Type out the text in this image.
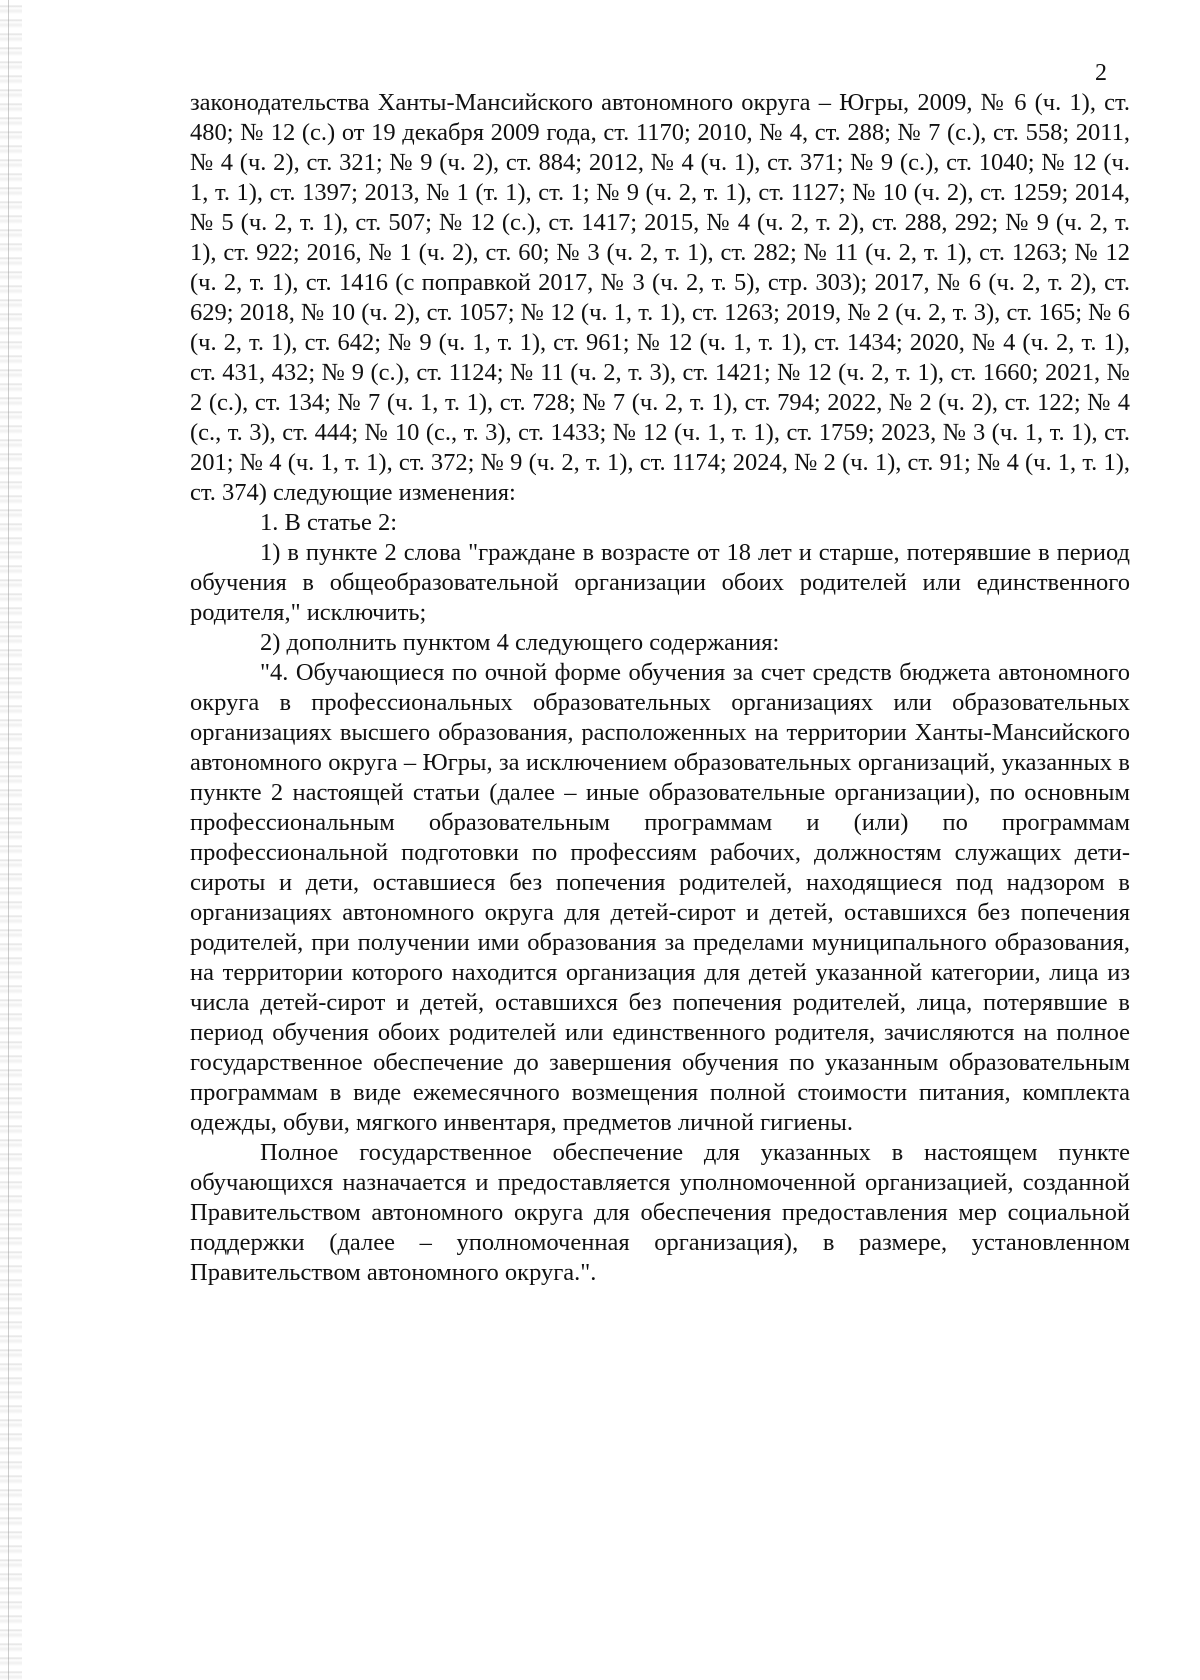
2

законодательства Ханты-Мансийского автономного округа – Югры, 2009, № 6 (ч. 1), ст. 480; № 12 (с.) от 19 декабря 2009 года, ст. 1170; 2010, № 4, ст. 288; № 7 (с.), ст. 558; 2011, № 4 (ч. 2), ст. 321; № 9 (ч. 2), ст. 884; 2012, № 4 (ч. 1), ст. 371; № 9 (с.), ст. 1040; № 12 (ч. 1, т. 1), ст. 1397; 2013, № 1 (т. 1), ст. 1; № 9 (ч. 2, т. 1), ст. 1127; № 10 (ч. 2), ст. 1259; 2014, № 5 (ч. 2, т. 1), ст. 507; № 12 (с.), ст. 1417; 2015, № 4 (ч. 2, т. 2), ст. 288, 292; № 9 (ч. 2, т. 1), ст. 922; 2016, № 1 (ч. 2), ст. 60; № 3 (ч. 2, т. 1), ст. 282; № 11 (ч. 2, т. 1), ст. 1263; № 12 (ч. 2, т. 1), ст. 1416 (с поправкой 2017, № 3 (ч. 2, т. 5), стр. 303); 2017, № 6 (ч. 2, т. 2), ст. 629; 2018, № 10 (ч. 2), ст. 1057; № 12 (ч. 1, т. 1), ст. 1263; 2019, № 2 (ч. 2, т. 3), ст. 165; № 6 (ч. 2, т. 1), ст. 642; № 9 (ч. 1, т. 1), ст. 961; № 12 (ч. 1, т. 1), ст. 1434; 2020, № 4 (ч. 2, т. 1), ст. 431, 432; № 9 (с.), ст. 1124; № 11 (ч. 2, т. 3), ст. 1421; № 12 (ч. 2, т. 1), ст. 1660; 2021, № 2 (с.), ст. 134; № 7 (ч. 1, т. 1), ст. 728; № 7 (ч. 2, т. 1), ст. 794; 2022, № 2 (ч. 2), ст. 122; № 4 (с., т. 3), ст. 444; № 10 (с., т. 3), ст. 1433; № 12 (ч. 1, т. 1), ст. 1759; 2023, № 3 (ч. 1, т. 1), ст. 201; № 4 (ч. 1, т. 1), ст. 372; № 9 (ч. 2, т. 1), ст. 1174; 2024, № 2 (ч. 1), ст. 91; № 4 (ч. 1, т. 1), ст. 374) следующие изменения:

1. В статье 2:

1) в пункте 2 слова "граждане в возрасте от 18 лет и старше, потерявшие в период обучения в общеобразовательной организации обоих родителей или единственного родителя," исключить;

2) дополнить пунктом 4 следующего содержания:

"4. Обучающиеся по очной форме обучения за счет средств бюджета автономного округа в профессиональных образовательных организациях или образовательных организациях высшего образования, расположенных на территории Ханты-Мансийского автономного округа – Югры, за исключением образовательных организаций, указанных в пункте 2 настоящей статьи (далее – иные образовательные организации), по основным профессиональным образовательным программам и (или) по программам профессиональной подготовки по профессиям рабочих, должностям служащих дети-сироты и дети, оставшиеся без попечения родителей, находящиеся под надзором в организациях автономного округа для детей-сирот и детей, оставшихся без попечения родителей, при получении ими образования за пределами муниципального образования, на территории которого находится организация для детей указанной категории, лица из числа детей-сирот и детей, оставшихся без попечения родителей, лица, потерявшие в период обучения обоих родителей или единственного родителя, зачисляются на полное государственное обеспечение до завершения обучения по указанным образовательным программам в виде ежемесячного возмещения полной стоимости питания, комплекта одежды, обуви, мягкого инвентаря, предметов личной гигиены.

Полное государственное обеспечение для указанных в настоящем пункте обучающихся назначается и предоставляется уполномоченной организацией, созданной Правительством автономного округа для обеспечения предоставления мер социальной поддержки (далее – уполномоченная организация), в размере, установленном Правительством автономного округа.".
